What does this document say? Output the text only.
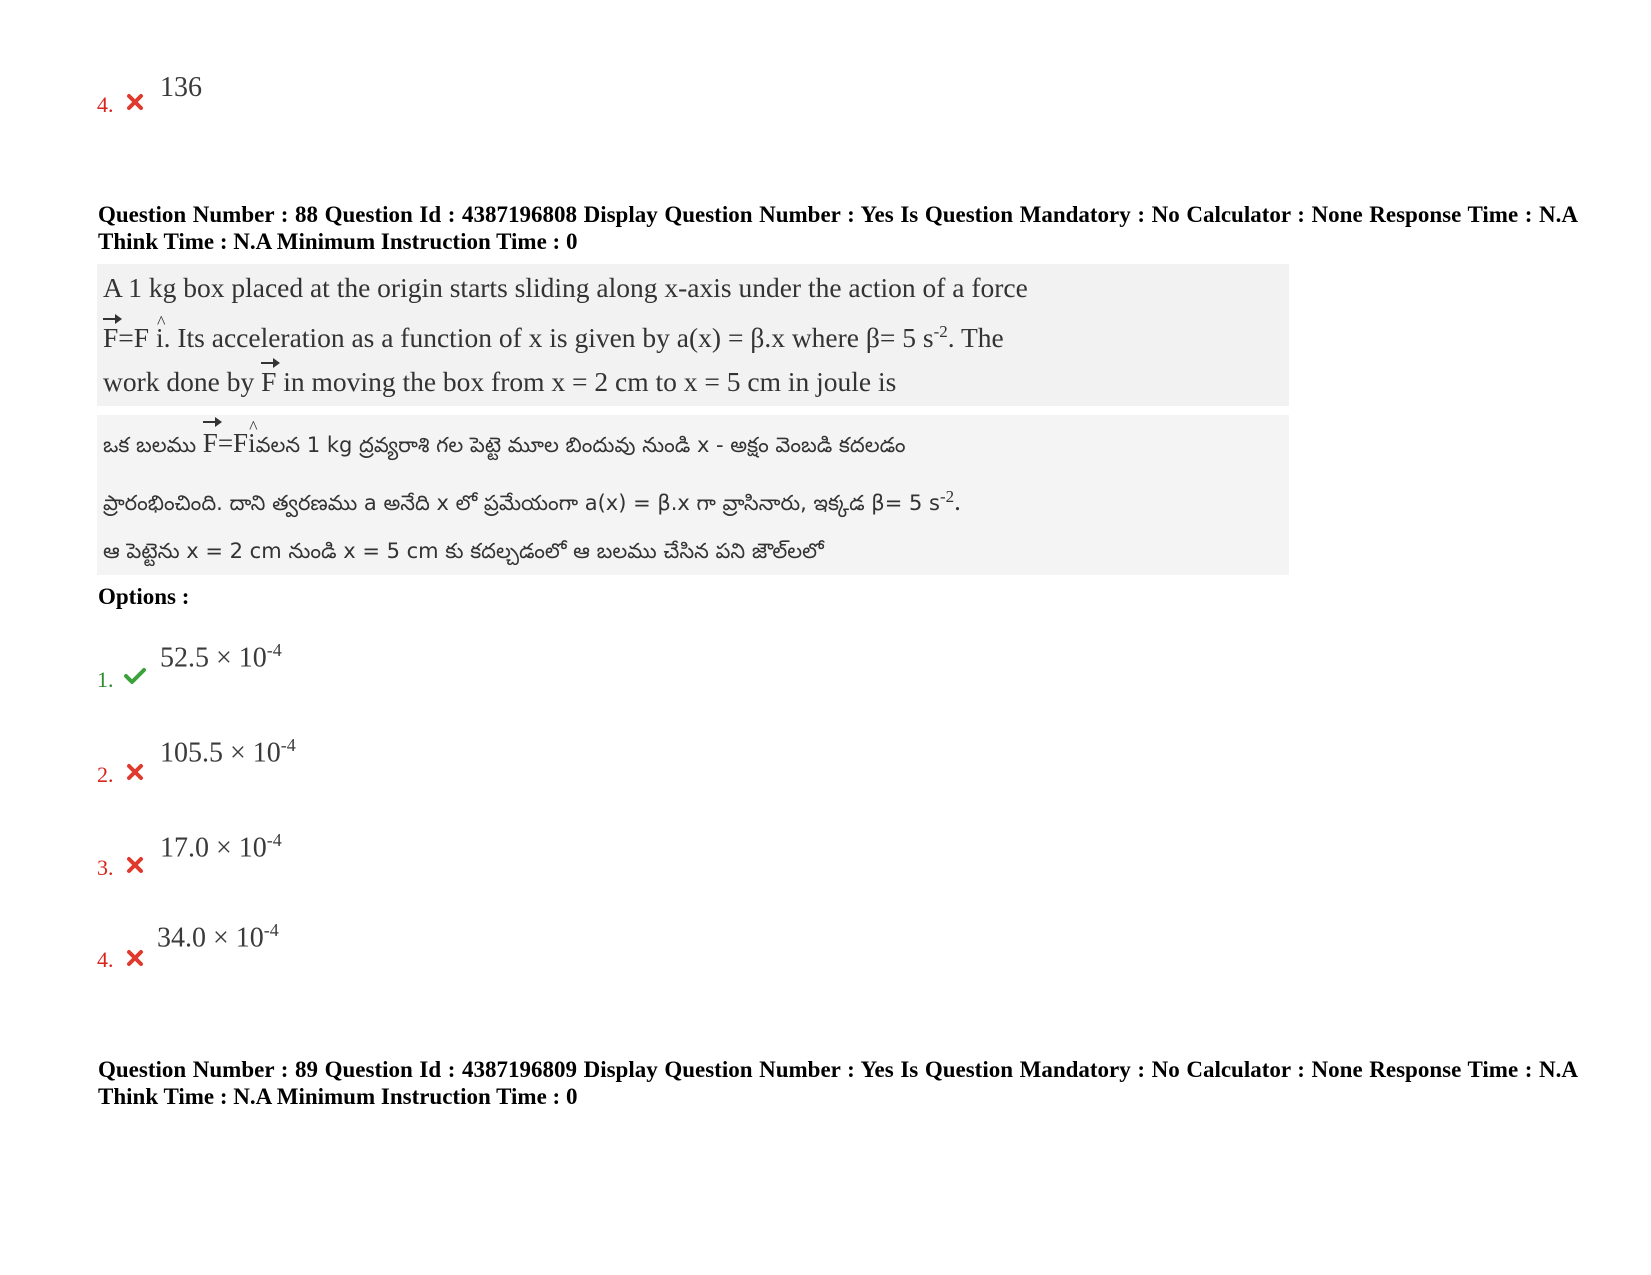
4.
136
Question Number : 88 Question Id : 4387196808 Display Question Number : Yes Is Question Mandatory : No Calculator : None Response Time : N.A Think Time : N.A Minimum Instruction Time : 0
A 1 kg box placed at the origin starts sliding along x-axis under the action of a force
F=F ^ i. Its acceleration as a function of x is given by a(x) = β.x where β= 5 $s^{-2}$. The
work done by F in moving the box from x = 2 cm to x = 5 cm in joule is
ఒక బలము F=F^ iవలన 1 kg ద్రవ్యరాశి గల పెట్టె మూల బిందువు నుండి x - అక్షం వెంబడి కదలడం
ప్రారంభించింది. దాని త్వరణము a అనేది x లో ప్రమేయంగా a(x) = β.x గా వ్రాసినారు, ఇక్కడ β= 5 $s^{-2}$.
ఆ పెట్టెను x = 2 cm నుండి x = 5 cm కు కదల్చడంలో ఆ బలము చేసిన పని జౌల్‌లలో
Options :
1.
$52.5 \times 10^{-4}$
2.
$105.5 \times 10^{-4}$
3.
$17.0 \times 10^{-4}$
4.
$34.0 \times 10^{-4}$
Question Number : 89 Question Id : 4387196809 Display Question Number : Yes Is Question Mandatory : No Calculator : None Response Time : N.A Think Time : N.A Minimum Instruction Time : 0
